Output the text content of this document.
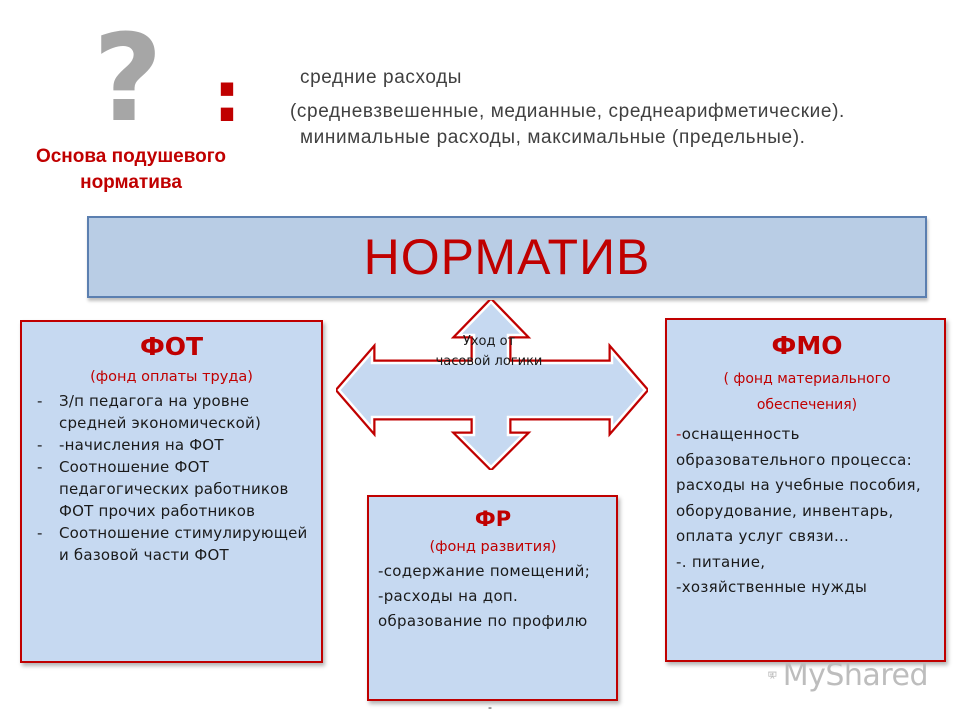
? :
Основа подушевого
норматива
средние расходы
(средневзвешенные, медианные, среднеарифметические).
минимальные расходы, максимальные (предельные).
НОРМАТИВ
Уход от
часовой логики
ФОТ
(фонд оплаты труда)
- З/п педагога на уровне средней экономической)
- -начисления на ФОТ
- Соотношение ФОТ педагогических работников ФОТ прочих работников
- Соотношение стимулирующей и базовой части ФОТ
ФМО
( фонд материального обеспечения)
-оснащенность образовательного процесса: расходы на учебные пособия, оборудование, инвентарь, оплата услуг связи…
-. питание,
-хозяйственные нужды
ФР
(фонд развития)
-содержание помещений;
-расходы на доп. образование по профилю
-
MyShared
